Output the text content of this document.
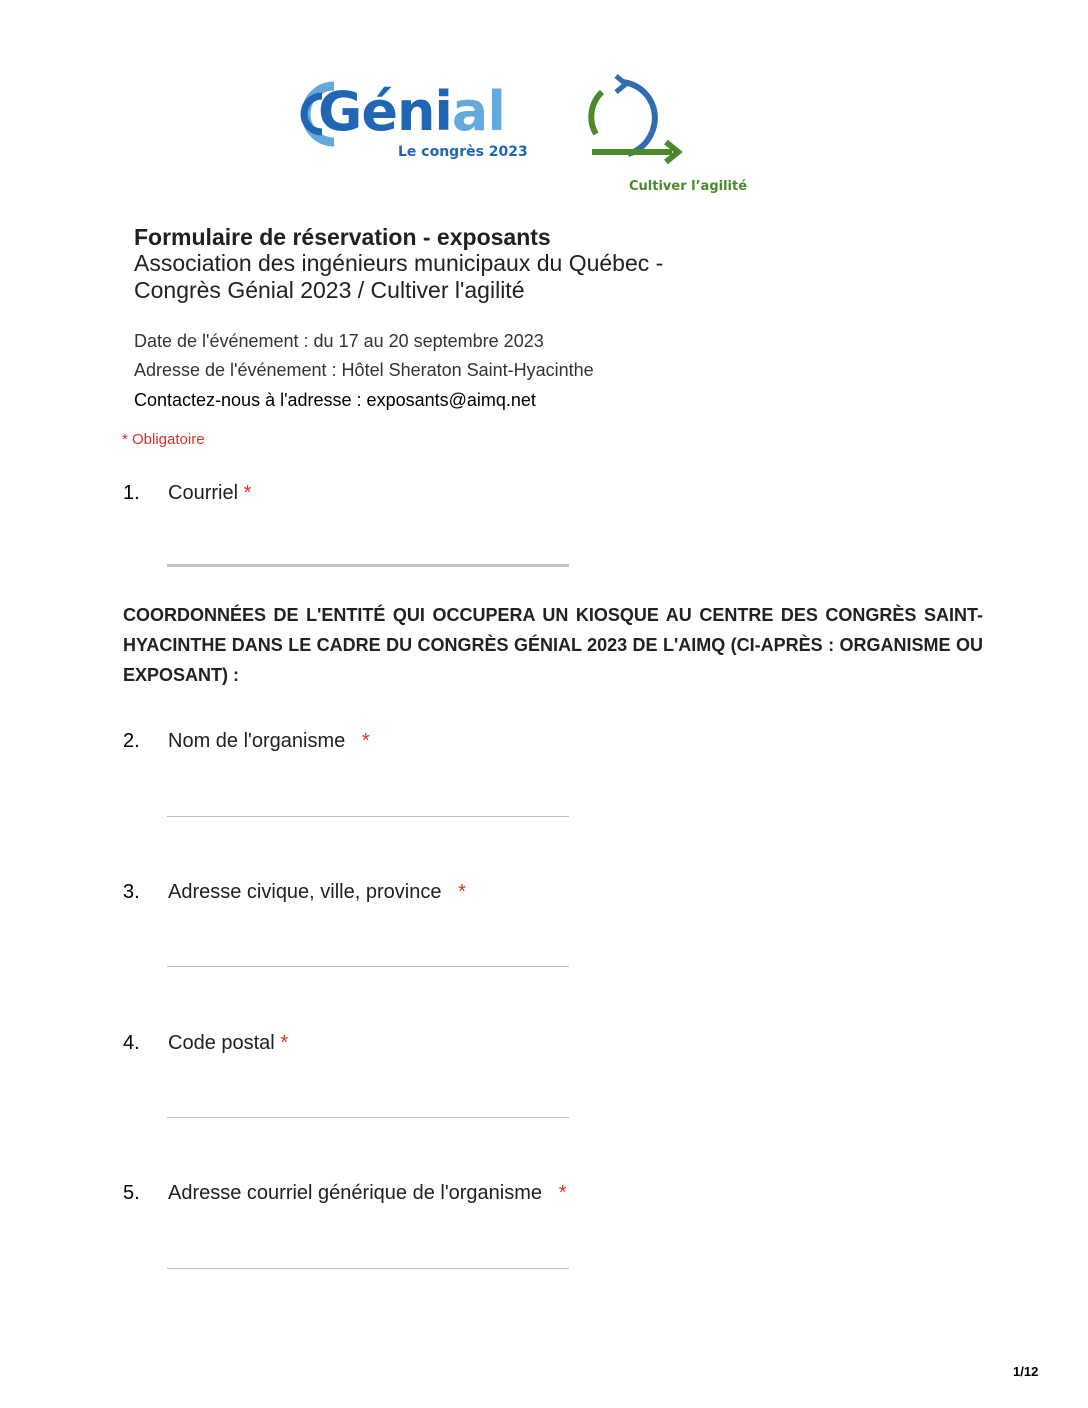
Génial
Le congrès 2023
Cultiver l’agilité
Formulaire de réservation - exposants
Association des ingénieurs municipaux du Québec - Congrès Génial 2023 / Cultiver l'agilité
Date de l'événement : du 17 au 20 septembre 2023
Adresse de l'événement : Hôtel Sheraton Saint-Hyacinthe
Contactez-nous à l'adresse : exposants@aimq.net
* Obligatoire
1. Courriel *
COORDONNÉES DE L'ENTITÉ QUI OCCUPERA UN KIOSQUE AU CENTRE DES CONGRÈS SAINT-HYACINTHE DANS LE CADRE DU CONGRÈS GÉNIAL 2023 DE L'AIMQ (CI-APRÈS : ORGANISME OU EXPOSANT) :
2. Nom de l'organisme *
3. Adresse civique, ville, province *
4. Code postal *
5. Adresse courriel générique de l'organisme *
1/12
